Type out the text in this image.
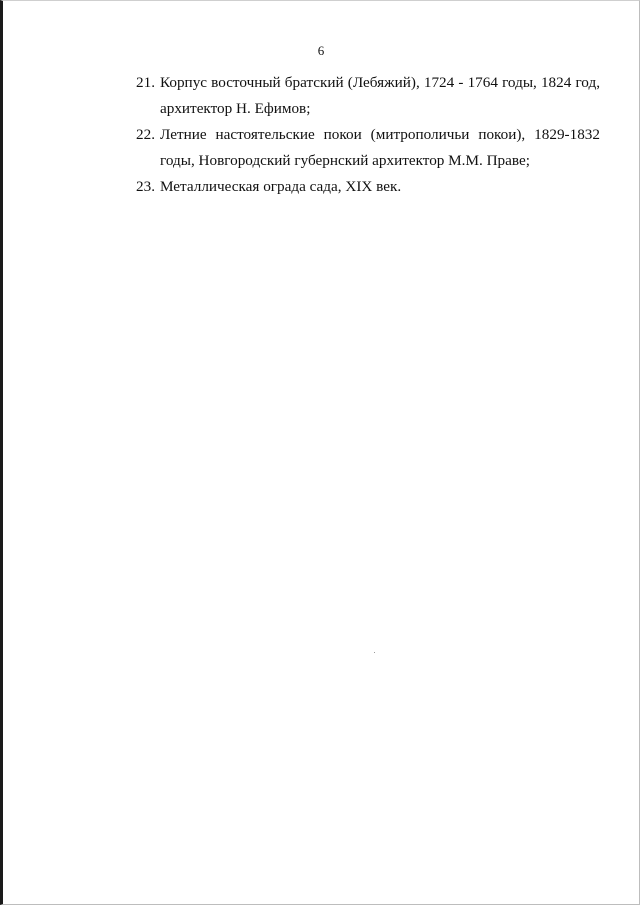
6
21. Корпус восточный братский (Лебяжий), 1724 - 1764 годы, 1824 год, архитектор Н. Ефимов;
22. Летние настоятельские покои (митрополичьи покои), 1829-1832 годы, Новгородский губернский архитектор М.М. Праве;
23. Металлическая ограда сада, XIX век.
